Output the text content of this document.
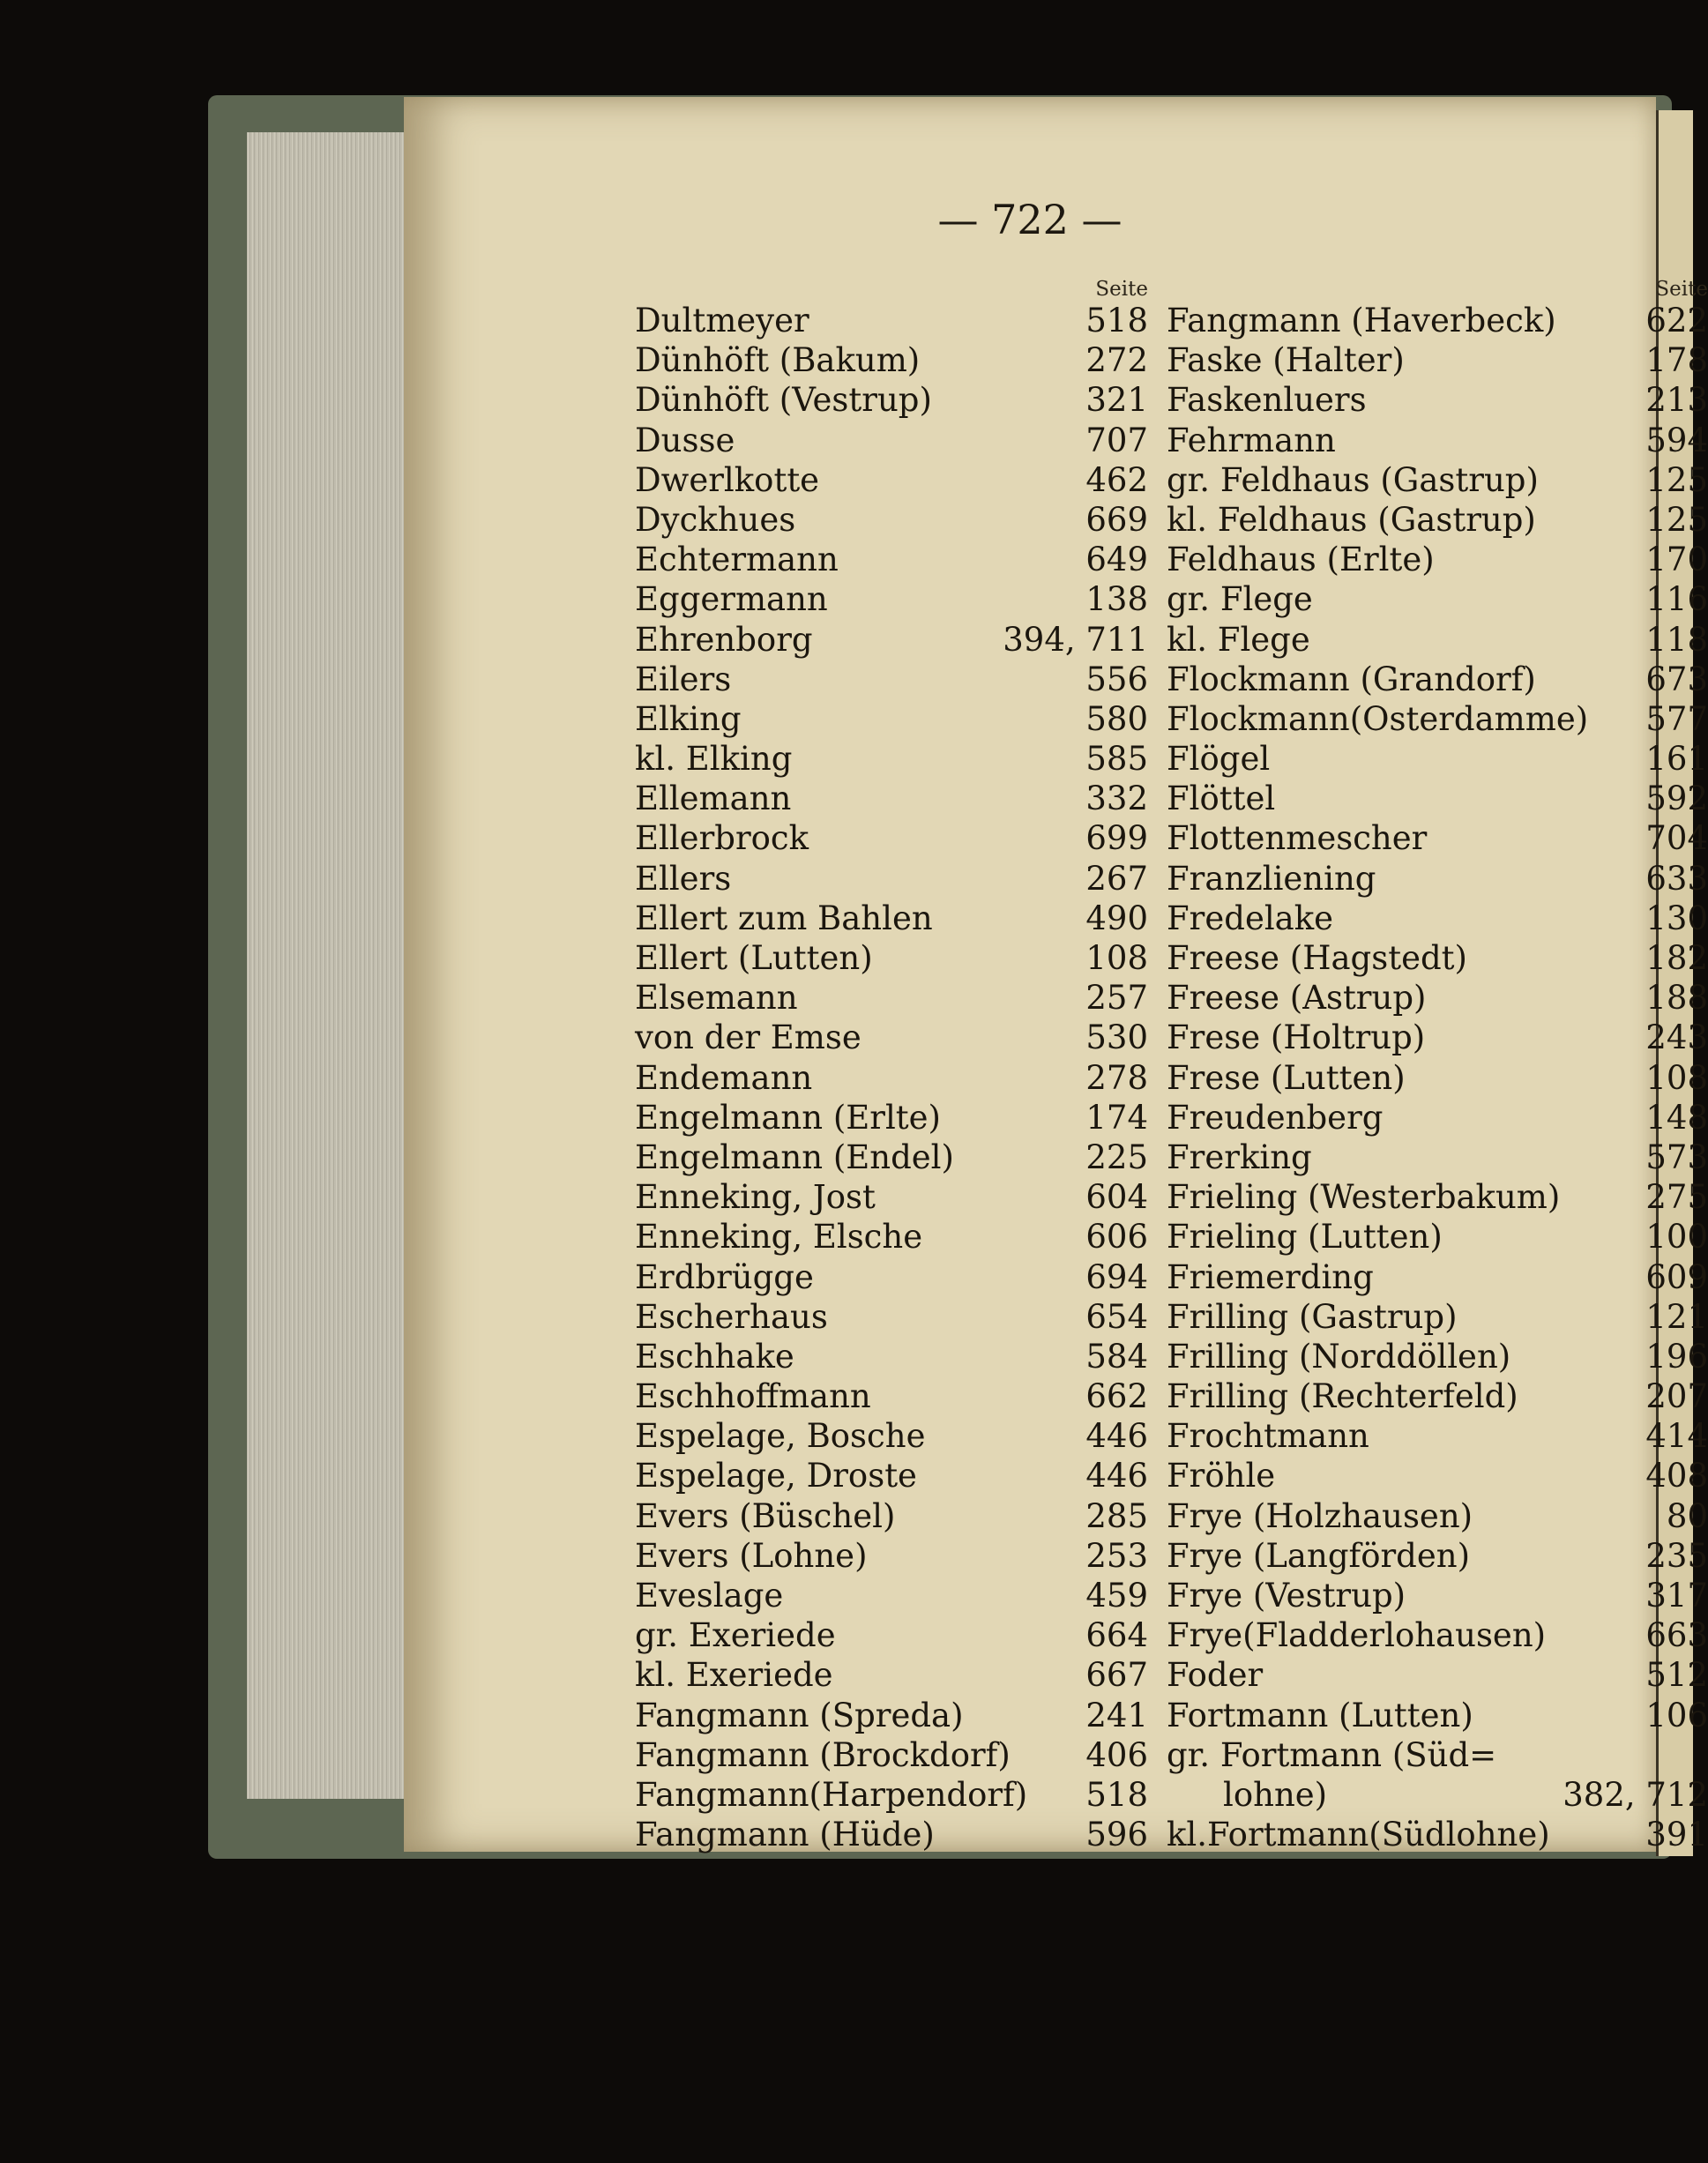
— 722 —
Seite
Dultmeyer	518
Dünhöft (Bakum)	272
Dünhöft (Vestrup)	321
Dusse	707
Dwerlkotte	462
Dyckhues	669
Echtermann	649
Eggermann	138
Ehrenborg	394, 711
Eilers	556
Elking	580
kl. Elking	585
Ellemann	332
Ellerbrock	699
Ellers	267
Ellert zum Bahlen	490
Ellert (Lutten)	108
Elsemann	257
von der Emse	530
Endemann	278
Engelmann (Erlte)	174
Engelmann (Endel)	225
Enneking, Jost	604
Enneking, Elsche	606
Erdbrügge	694
Escherhaus	654
Eschhake	584
Eschhoffmann	662
Espelage, Bosche	446
Espelage, Droste	446
Evers (Büschel)	285
Evers (Lohne)	253
Eveslage	459
gr. Exeriede	664
kl. Exeriede	667
Fangmann (Spreda)	241
Fangmann (Brockdorf) 406
Fangmann(Harpendorf) 518
Fangmann (Hüde)	596
Seite
Fangmann (Haverbeck)	622
Faske (Halter)	178
Faskenluers	213
Fehrmann	594
gr. Feldhaus (Gastrup)	125
kl. Feldhaus (Gastrup)	125
Feldhaus (Erlte)	170
gr. Flege	116
kl. Flege	118
Flockmann (Grandorf)	673
Flockmann(Osterdamme) 577
Flögel	161
Flöttel	592
Flottenmescher	704
Franzliening	633
Fredelake	130
Freese (Hagstedt)	182
Freese (Astrup)	188
Frese (Holtrup)	243
Frese (Lutten)	108
Freudenberg	148
Frerking	573
Frieling (Westerbakum)	275
Frieling (Lutten)	100
Friemerding	609
Frilling (Gastrup)	121
Frilling (Norddöllen)	196
Frilling (Rechterfeld)	207
Frochtmann	414
Fröhle	408
Frye (Holzhausen)	80
Frye (Langförden)	235
Frye (Vestrup)	317
Frye(Fladderlohausen)	663
Foder	512
Fortmann (Lutten)	106
gr. Fortmann (Süd=
lohne)	382, 712
kl.Fortmann(Südlohne)	391
